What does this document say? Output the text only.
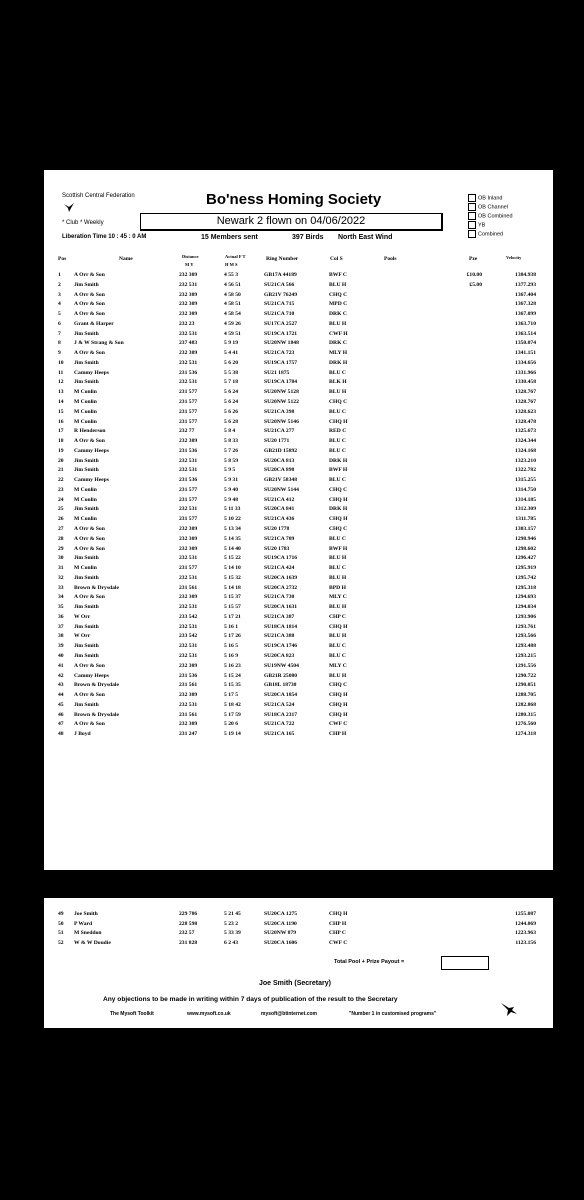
Scottish Central Federation
* Club * Weekly
Bo'ness Homing Society
Newark 2 flown on 04/06/2022
OB Inland
OB Channel
OB Combined
YB
Combined
Liberation Time 10 : 45 : 0 AM	15 Members sent	397 Birds North East Wind
Pos	Name	Distance
M Y
Actual F T
H M S
Ring Number	Col S	Pools	Pze	Velocity
1 A Orr & Son	232 309	4 55 3	GB17A 44189	BWF C	£10.00	1384.938
2 Jim Smith	232 531	4 56 51	SU21CA 566	BLU H	£5.00	1377.293
3 A Orr & Son	232 309	4 58 50	GB21V 76249	CHQ C	1367.404
4 A Orr & Son	232 309	4 58 51	SU21CA 715	MPD C	1367.328
5 A Orr & Son	232 309	4 58 54	SU21CA 710	DRK C	1367.099
6 Grant & Harper	232 23	4 59 26	SU17CA 2527	BLU H	1363.710
7 Jim Smith	232 531	4 59 51	SU19CA 1721	CWF H	1363.514
8 J & W Strang & Son	237 483	5 9 19	SU20NW 1848	DRK C	1350.074
9 A Orr & Son	232 309	5 4 41	SU21CA 723	MLY H	1341.151
10 Jim Smith	232 531	5 6 20	SU19CA 1757	DRK H	1334.656
11 Cammy Heeps	231 536	5 5 38	SU21 1875	BLU C	1331.966
12 Jim Smith	232 531	5 7 18	SU19CA 1784	BLK H	1330.458
13 M Conlin	231 577	5 6 24	SU20NW 5128	BLU H	1328.767
14 M Conlin	231 577	5 6 24	SU20NW 5122	CHQ C	1328.767
15 M Conlin	231 577	5 6 26	SU21CA 398	BLU C	1328.623
16 M Conlin	231 577	5 6 28	SU20NW 5146	CHQ H	1328.478
17 R Henderson	232 77	5 8 4	SU21CA 277	RED C	1325.673
18 A Orr & Son	232 309	5 8 33	SU20 1771	BLU C	1324.344
19 Cammy Heeps	231 536	5 7 26	GB21D 15892	BLU C	1324.168
20 Jim Smith	232 531	5 8 59	SU20CA 813	DRK H	1323.210
21 Jim Smith	232 531	5 9 5	SU20CA 898	BWF H	1322.782
22 Cammy Heeps	231 536	5 9 31	GB21V 58348	BLU C	1315.255
23 M Conlin	231 577	5 9 40	SU20NW 5144	CHQ C	1314.750
24 M Conlin	231 577	5 9 48	SU21CA 412	CHQ H	1314.185
25 Jim Smith	232 531	5 11 33	SU20CA 841	DRK H	1312.309
26 M Conlin	231 577	5 10 22	SU21CA 436	CHQ H	1311.785
27 A Orr & Son	232 309	5 13 34	SU20 1778	CHQ C	1303.157
28 A Orr & Son	232 309	5 14 35	SU21CA 709	BLU C	1298.946
29 A Orr & Son	232 309	5 14 40	SU20 1783	BWF H	1298.602
30 Jim Smith	232 531	5 15 22	SU19CA 1716	BLU H	1296.427
31 M Conlin	231 577	5 14 10	SU21CA 424	BLU C	1295.919
32 Jim Smith	232 531	5 15 32	SU20CA 1639	BLU H	1295.742
33 Brown & Drysdale	231 561	5 14 18	SU20CA 2732	BPD H	1295.318
34 A Orr & Son	232 309	5 15 37	SU21CA 730	MLY C	1294.693
35 Jim Smith	232 531	5 15 57	SU20CA 1631	BLU H	1294.034
36 W Orr	233 542	5 17 21	SU21CA 387	CHP C	1293.906
37 Jim Smith	232 531	5 16 1	SU18CA 1814	CHQ H	1293.761
38 W Orr	233 542	5 17 26	SU21CA 388	BLU H	1293.566
39 Jim Smith	232 531	5 16 5	SU19CA 1746	BLU C	1293.488
40 Jim Smith	232 531	5 16 9	SU20CA 823	BLU C	1293.215
41 A Orr & Son	232 309	5 16 23	SU19NW 4504	MLY C	1291.556
42 Cammy Heeps	231 536	5 15 24	GB21R 25080	BLU H	1290.722
43 Brown & Drysdale	231 561	5 15 35	GB18L 18730	CHQ C	1290.051
44 A Orr & Son	232 309	5 17 5	SU20CA 1854	CHQ H	1288.705
45 Jim Smith	232 531	5 18 42	SU21CA 524	CHQ H	1282.868
46 Brown & Drysdale	231 561	5 17 59	SU18CA 2317	CHQ H	1280.315
47 A Orr & Son	232 309	5 20 6	SU21CA 722	CWF C	1276.560
48 J Boyd	231 247	5 19 14	SU21CA 165	CHP H	1274.318
49 Joe Smith	229 786	5 21 45	SU20CA 1275	CHQ H	1255.087
50 P Ward	228 598	5 23 2	SU20CA 1190	CHP H	1244.069
51 M Sneddon	232 57	5 33 39	SU20NW 879	CHP C	1223.963
52 W & W Doudie	231 828	6 2 43	SU20CA 1606	CWF C	1123.156
Total Pool + Prize Payout =
Joe Smith (Secretary)
Any objections to be made in writing within 7 days of publication of the result to the Secretary
The Mysoft Toolkit	www.mysoft.co.uk	mysoft@btinternet.com	"Number 1 in customised programs"
